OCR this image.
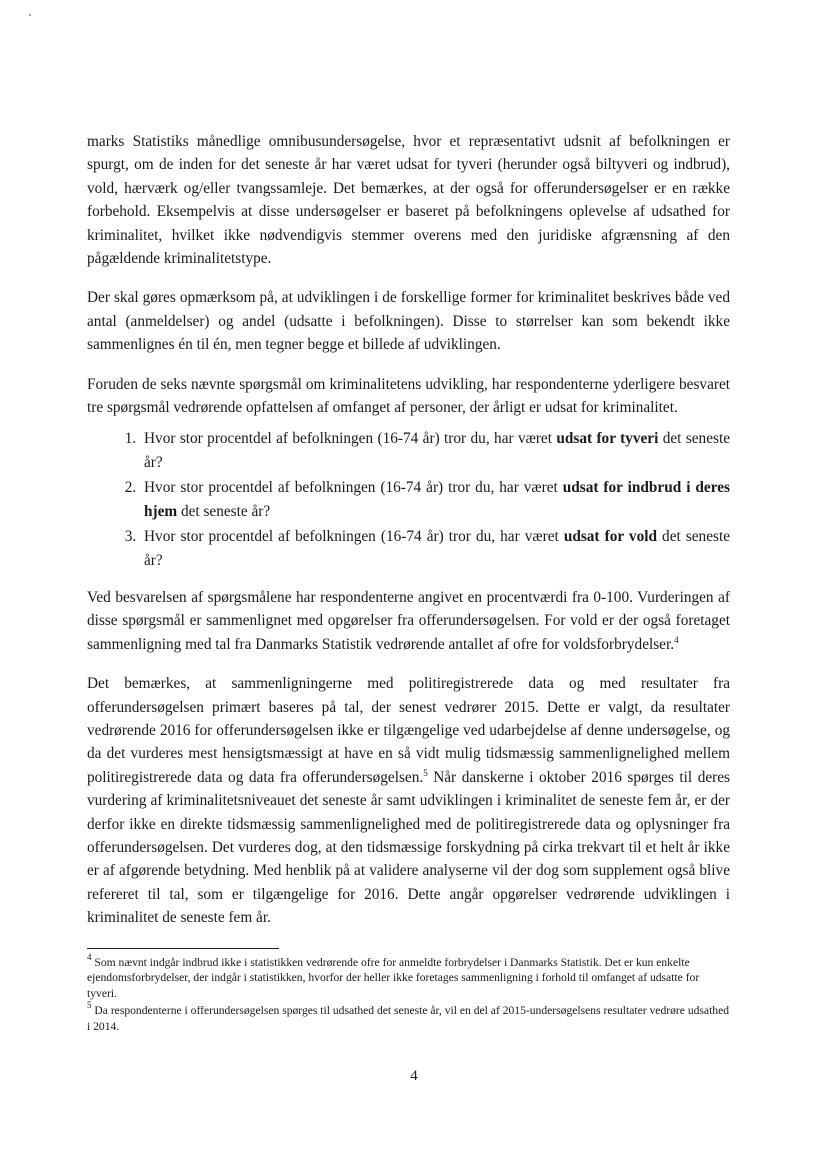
marks Statistiks månedlige omnibusundersøgelse, hvor et repræsentativt udsnit af befolkningen er spurgt, om de inden for det seneste år har været udsat for tyveri (herunder også biltyveri og indbrud), vold, hærværk og/eller tvangssamleje. Det bemærkes, at der også for offerundersøgelser er en række forbehold. Eksempelvis at disse undersøgelser er baseret på befolkningens oplevelse af udsathed for kriminalitet, hvilket ikke nødvendigvis stemmer overens med den juridiske afgrænsning af den pågældende kriminalitetstype.

Der skal gøres opmærksom på, at udviklingen i de forskellige former for kriminalitet beskrives både ved antal (anmeldelser) og andel (udsatte i befolkningen). Disse to størrelser kan som bekendt ikke sammenlignes én til én, men tegner begge et billede af udviklingen.

Foruden de seks nævnte spørgsmål om kriminalitetens udvikling, har respondenterne yderligere besvaret tre spørgsmål vedrørende opfattelsen af omfanget af personer, der årligt er udsat for kriminalitet.

1. Hvor stor procentdel af befolkningen (16-74 år) tror du, har været udsat for tyveri det seneste år?
2. Hvor stor procentdel af befolkningen (16-74 år) tror du, har været udsat for indbrud i deres hjem det seneste år?
3. Hvor stor procentdel af befolkningen (16-74 år) tror du, har været udsat for vold det seneste år?

Ved besvarelsen af spørgsmålene har respondenterne angivet en procentværdi fra 0-100. Vurderingen af disse spørgsmål er sammenlignet med opgørelser fra offerundersøgelsen. For vold er der også foretaget sammenligning med tal fra Danmarks Statistik vedrørende antallet af ofre for voldsforbrydelser.$^4$

Det bemærkes, at sammenligningerne med politiregistrerede data og med resultater fra offerundersøgelsen primært baseres på tal, der senest vedrører 2015. Dette er valgt, da resultater vedrørende 2016 for offerundersøgelsen ikke er tilgængelige ved udarbejdelse af denne undersøgelse, og da det vurderes mest hensigtsmæssigt at have en så vidt mulig tidsmæssig sammenlignelighed mellem politiregistrerede data og data fra offerundersøgelsen.$^5$ Når danskerne i oktober 2016 spørges til deres vurdering af kriminalitetsniveauet det seneste år samt udviklingen i kriminalitet de seneste fem år, er der derfor ikke en direkte tidsmæssig sammenlignelighed med de politiregistrerede data og oplysninger fra offerundersøgelsen. Det vurderes dog, at den tidsmæssige forskydning på cirka trekvart til et helt år ikke er af afgørende betydning. Med henblik på at validere analyserne vil der dog som supplement også blive refereret til tal, som er tilgængelige for 2016. Dette angår opgørelser vedrørende udviklingen i kriminalitet de seneste fem år.

$^4$ Som nævnt indgår indbrud ikke i statistikken vedrørende ofre for anmeldte forbrydelser i Danmarks Statistik. Det er kun enkelte ejendomsforbrydelser, der indgår i statistikken, hvorfor der heller ikke foretages sammenligning i forhold til omfanget af udsatte for tyveri.

$^5$ Da respondenterne i offerundersøgelsen spørges til udsathed det seneste år, vil en del af 2015-undersøgelsens resultater vedrøre udsathed i 2014.

4
